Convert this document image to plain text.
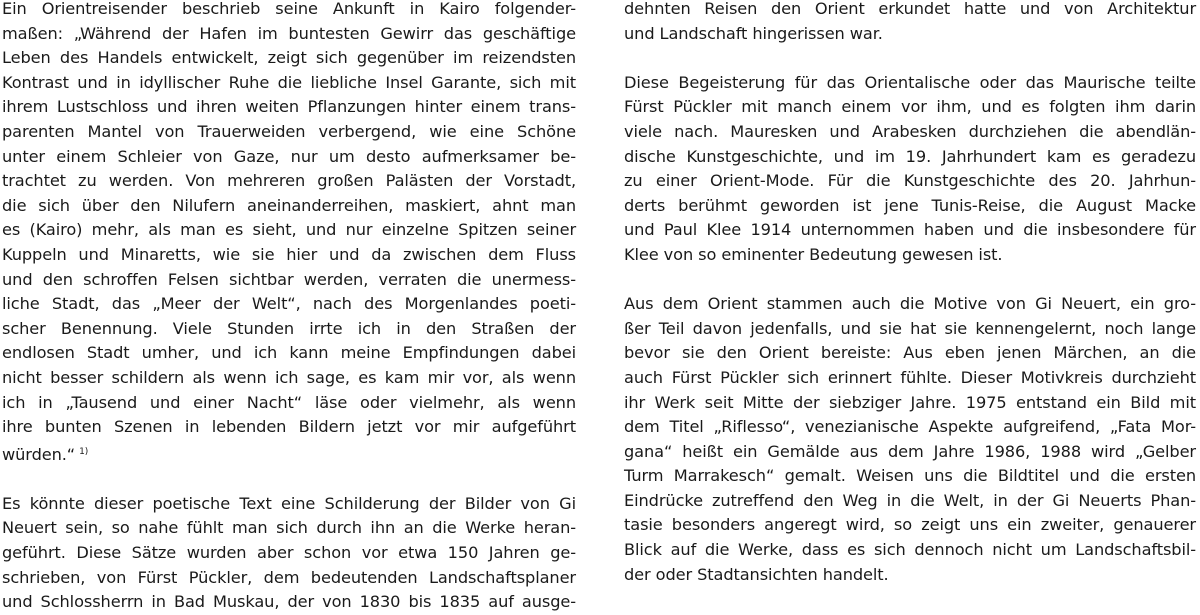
Ein Orientreisender beschrieb seine Ankunft in Kairo folgender-
maßen: „Während der Hafen im buntesten Gewirr das geschäftige
Leben des Handels entwickelt, zeigt sich gegenüber im reizendsten
Kontrast und in idyllischer Ruhe die liebliche Insel Garante, sich mit
ihrem Lustschloss und ihren weiten Pflanzungen hinter einem trans-
parenten Mantel von Trauerweiden verbergend, wie eine Schöne
unter einem Schleier von Gaze, nur um desto aufmerksamer be-
trachtet zu werden. Von mehreren großen Palästen der Vorstadt,
die sich über den Nilufern aneinanderreihen, maskiert, ahnt man
es (Kairo) mehr, als man es sieht, und nur einzelne Spitzen seiner
Kuppeln und Minaretts, wie sie hier und da zwischen dem Fluss
und den schroffen Felsen sichtbar werden, verraten die unermess-
liche Stadt, das „Meer der Welt“, nach des Morgenlandes poeti-
scher Benennung. Viele Stunden irrte ich in den Straßen der
endlosen Stadt umher, und ich kann meine Empfindungen dabei
nicht besser schildern als wenn ich sage, es kam mir vor, als wenn
ich in „Tausend und einer Nacht“ läse oder vielmehr, als wenn
ihre bunten Szenen in lebenden Bildern jetzt vor mir aufgeführt
würden.“ $^{1)}$
Es könnte dieser poetische Text eine Schilderung der Bilder von Gi
Neuert sein, so nahe fühlt man sich durch ihn an die Werke heran-
geführt. Diese Sätze wurden aber schon vor etwa 150 Jahren ge-
schrieben, von Fürst Pückler, dem bedeutenden Landschaftsplaner
und Schlossherrn in Bad Muskau, der von 1830 bis 1835 auf ausge-
dehnten Reisen den Orient erkundet hatte und von Architektur
und Landschaft hingerissen war.
Diese Begeisterung für das Orientalische oder das Maurische teilte
Fürst Pückler mit manch einem vor ihm, und es folgten ihm darin
viele nach. Mauresken und Arabesken durchziehen die abendlän-
dische Kunstgeschichte, und im 19. Jahrhundert kam es geradezu
zu einer Orient-Mode. Für die Kunstgeschichte des 20. Jahrhun-
derts berühmt geworden ist jene Tunis-Reise, die August Macke
und Paul Klee 1914 unternommen haben und die insbesondere für
Klee von so eminenter Bedeutung gewesen ist.
Aus dem Orient stammen auch die Motive von Gi Neuert, ein gro-
ßer Teil davon jedenfalls, und sie hat sie kennengelernt, noch lange
bevor sie den Orient bereiste: Aus eben jenen Märchen, an die
auch Fürst Pückler sich erinnert fühlte. Dieser Motivkreis durchzieht
ihr Werk seit Mitte der siebziger Jahre. 1975 entstand ein Bild mit
dem Titel „Riflesso“, venezianische Aspekte aufgreifend, „Fata Mor-
gana“ heißt ein Gemälde aus dem Jahre 1986, 1988 wird „Gelber
Turm Marrakesch“ gemalt. Weisen uns die Bildtitel und die ersten
Eindrücke zutreffend den Weg in die Welt, in der Gi Neuerts Phan-
tasie besonders angeregt wird, so zeigt uns ein zweiter, genauerer
Blick auf die Werke, dass es sich dennoch nicht um Landschaftsbil-
der oder Stadtansichten handelt.
